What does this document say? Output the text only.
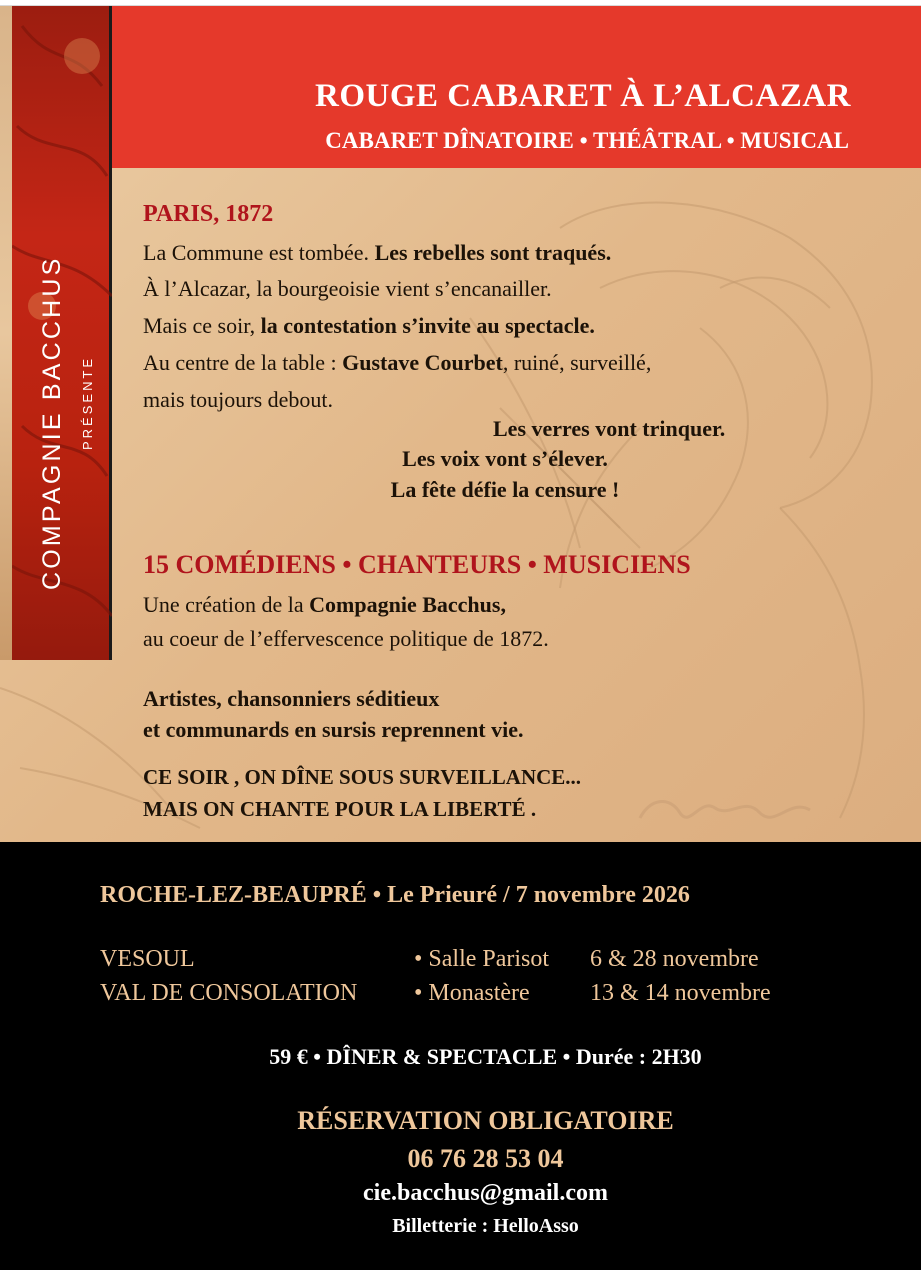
COMPAGNIE BACCHUS PRÉSENTE
ROUGE CABARET À L’ALCAZAR
CABARET DÎNATOIRE • THÉÂTRAL • MUSICAL
PARIS, 1872
La Commune est tombée. Les rebelles sont traqués.
À l’Alcazar, la bourgeoisie vient s’encanailler.
Mais ce soir, la contestation s’invite au spectacle.
Au centre de la table : Gustave Courbet, ruiné, surveillé,
mais toujours debout.
Les verres vont trinquer.
Les voix vont s’élever.
La fête défie la censure !
15 COMÉDIENS • CHANTEURS • MUSICIENS
Une création de la Compagnie Bacchus,
au coeur de l’effervescence politique de 1872.
Artistes, chansonniers séditieux
et communards en sursis reprennent vie.
CE SOIR , ON DÎNE SOUS SURVEILLANCE...
MAIS ON CHANTE POUR LA LIBERTÉ .
ROCHE-LEZ-BEAUPRÉ • Le Prieuré / 7 novembre 2026
VESOUL	• Salle Parisot 6 & 28 novembre
VAL DE CONSOLATION • Monastère	13 & 14 novembre
59 € • DÎNER & SPECTACLE • Durée : 2H30
RÉSERVATION OBLIGATOIRE
06 76 28 53 04
cie.bacchus@gmail.com
Billetterie : HelloAsso
